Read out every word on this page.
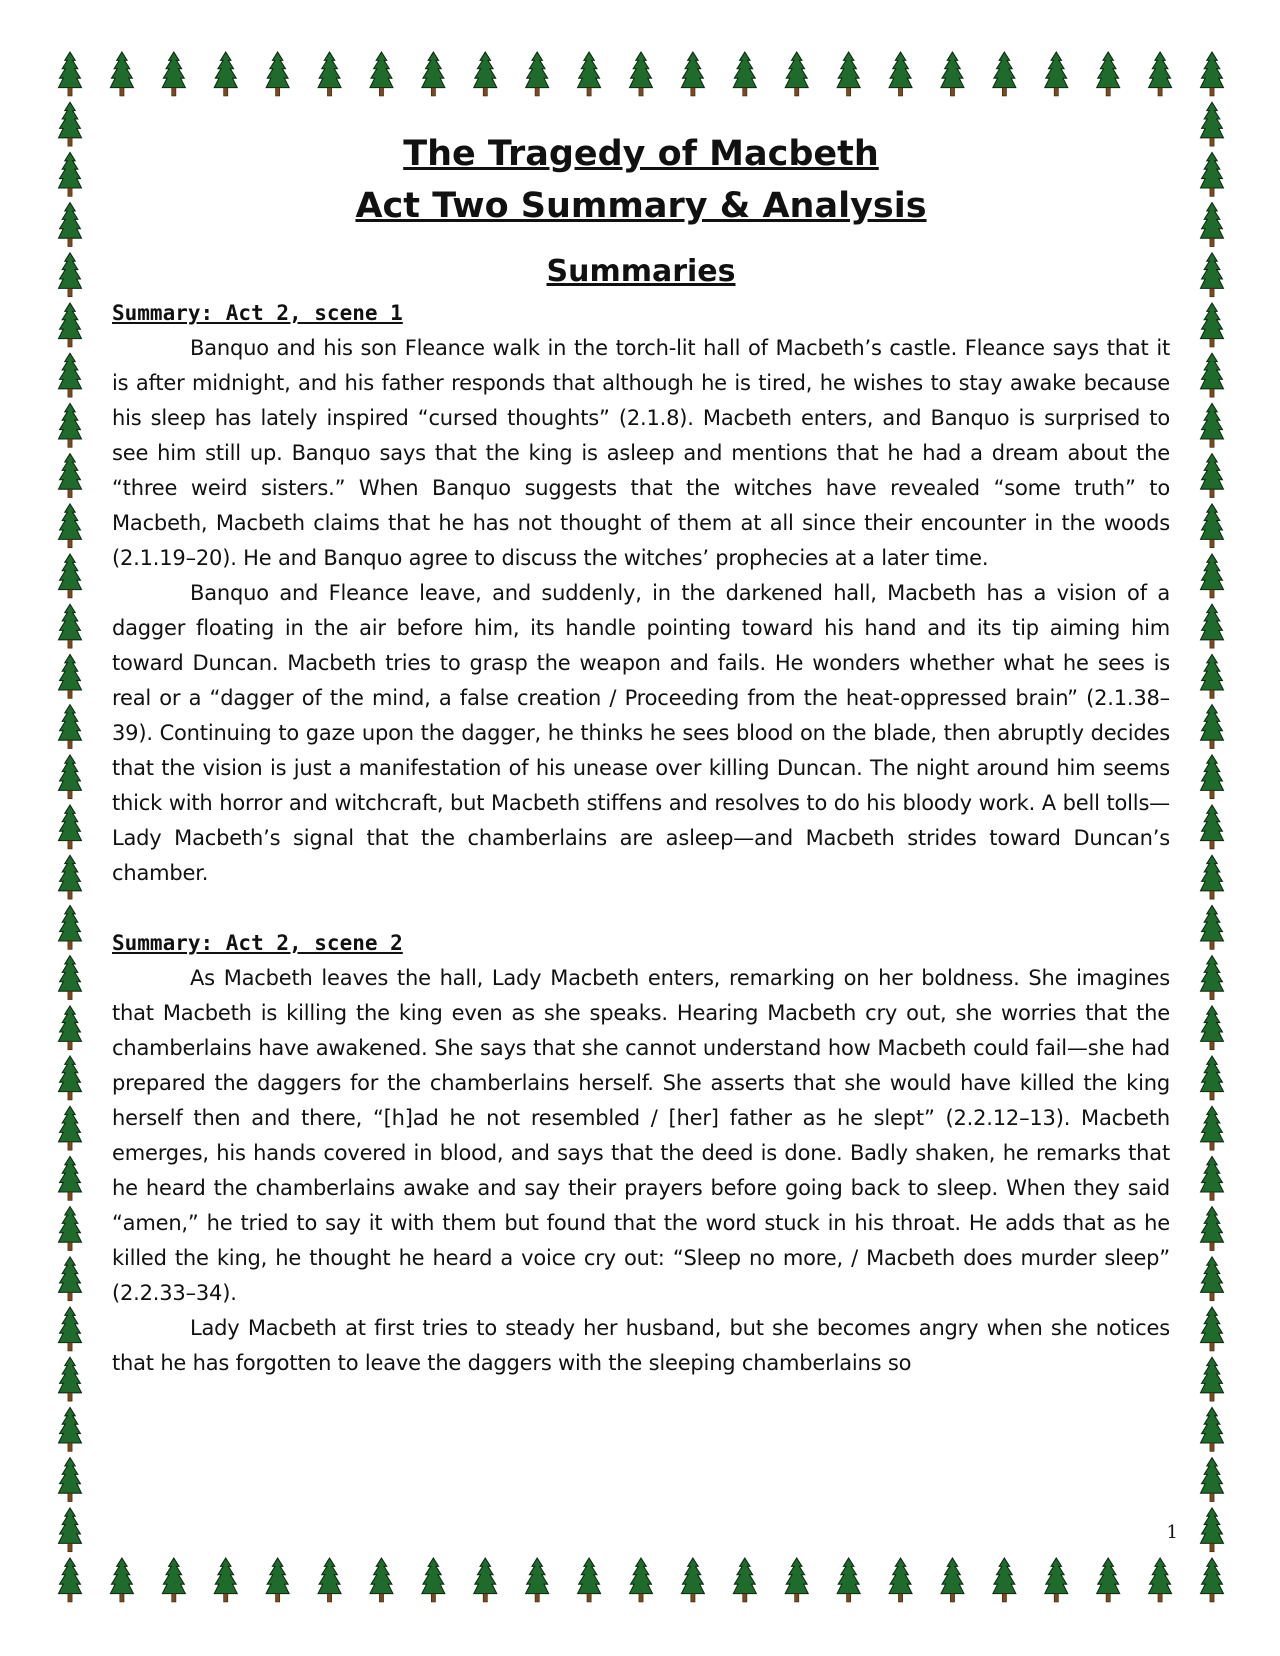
The Tragedy of Macbeth
Act Two Summary & Analysis
Summaries
Summary: Act 2, scene 1

Banquo and his son Fleance walk in the torch-lit hall of Macbeth’s castle. Fleance says that it is after midnight, and his father responds that although he is tired, he wishes to stay awake because his sleep has lately inspired “cursed thoughts” (2.1.8). Macbeth enters, and Banquo is surprised to see him still up. Banquo says that the king is asleep and mentions that he had a dream about the “three weird sisters.” When Banquo suggests that the witches have revealed “some truth” to Macbeth, Macbeth claims that he has not thought of them at all since their encounter in the woods (2.1.19–20). He and Banquo agree to discuss the witches’ prophecies at a later time.

Banquo and Fleance leave, and suddenly, in the darkened hall, Macbeth has a vision of a dagger floating in the air before him, its handle pointing toward his hand and its tip aiming him toward Duncan. Macbeth tries to grasp the weapon and fails. He wonders whether what he sees is real or a “dagger of the mind, a false creation / Proceeding from the heat-oppressed brain” (2.1.38–39). Continuing to gaze upon the dagger, he thinks he sees blood on the blade, then abruptly decides that the vision is just a manifestation of his unease over killing Duncan. The night around him seems thick with horror and witchcraft, but Macbeth stiffens and resolves to do his bloody work. A bell tolls—Lady Macbeth’s signal that the chamberlains are asleep—and Macbeth strides toward Duncan’s chamber.

Summary: Act 2, scene 2

As Macbeth leaves the hall, Lady Macbeth enters, remarking on her boldness. She imagines that Macbeth is killing the king even as she speaks. Hearing Macbeth cry out, she worries that the chamberlains have awakened. She says that she cannot understand how Macbeth could fail—she had prepared the daggers for the chamberlains herself. She asserts that she would have killed the king herself then and there, “[h]ad he not resembled / [her] father as he slept” (2.2.12–13). Macbeth emerges, his hands covered in blood, and says that the deed is done. Badly shaken, he remarks that he heard the chamberlains awake and say their prayers before going back to sleep. When they said “amen,” he tried to say it with them but found that the word stuck in his throat. He adds that as he killed the king, he thought he heard a voice cry out: “Sleep no more, / Macbeth does murder sleep” (2.2.33–34).

Lady Macbeth at first tries to steady her husband, but she becomes angry when she notices that he has forgotten to leave the daggers with the sleeping chamberlains so

1
